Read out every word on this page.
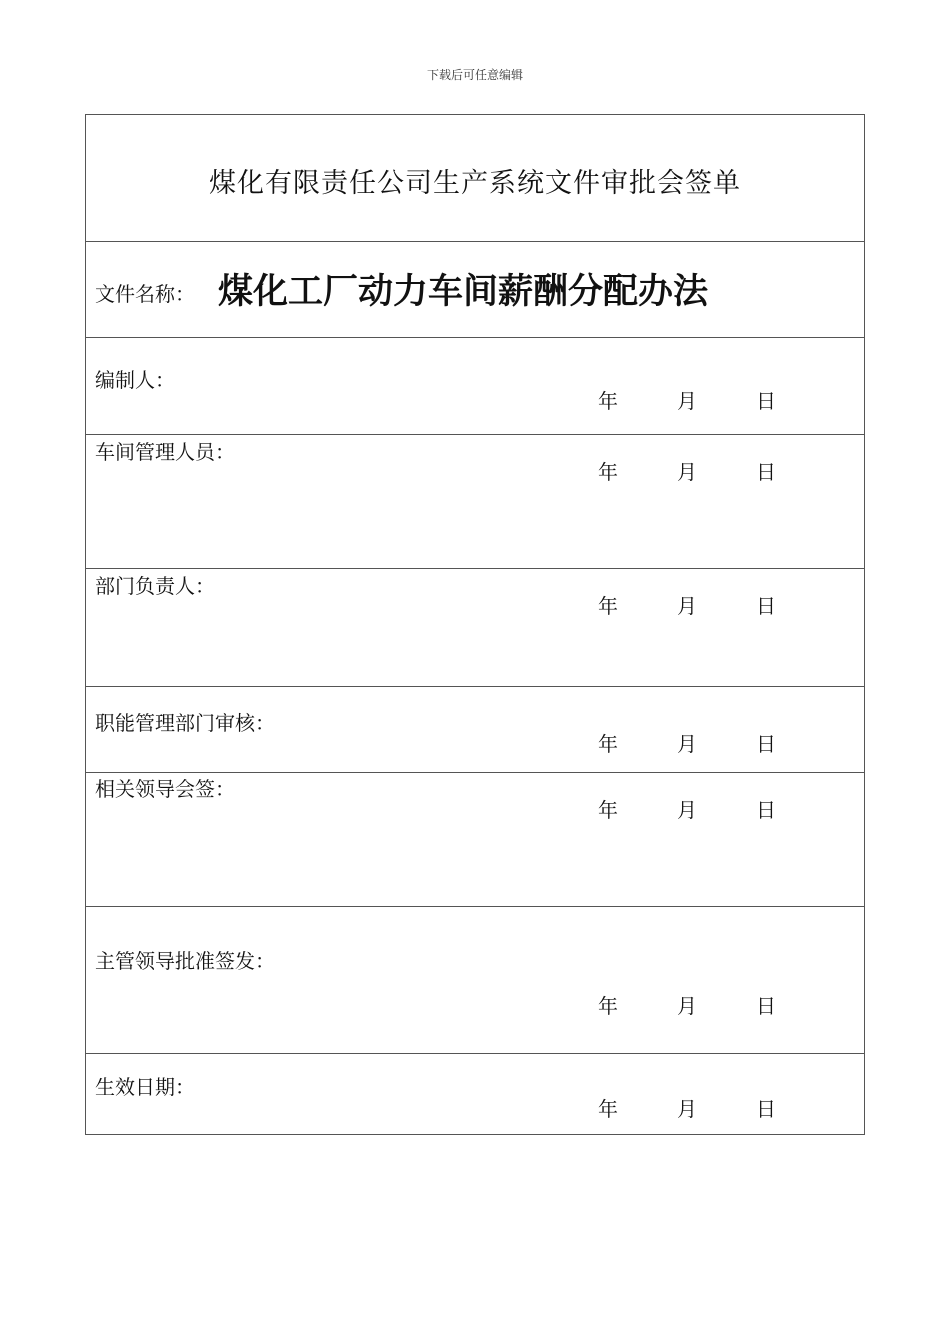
下载后可任意编辑
煤化有限责任公司生产系统文件审批会签单
文件名称： 煤化工厂动力车间薪酬分配办法
编制人：
年	月	日
车间管理人员：
年	月	日
部门负责人：
年	月	日
职能管理部门审核：
年	月	日
相关领导会签：
年	月	日
主管领导批准签发：
年	月	日
生效日期：
年	月	日
